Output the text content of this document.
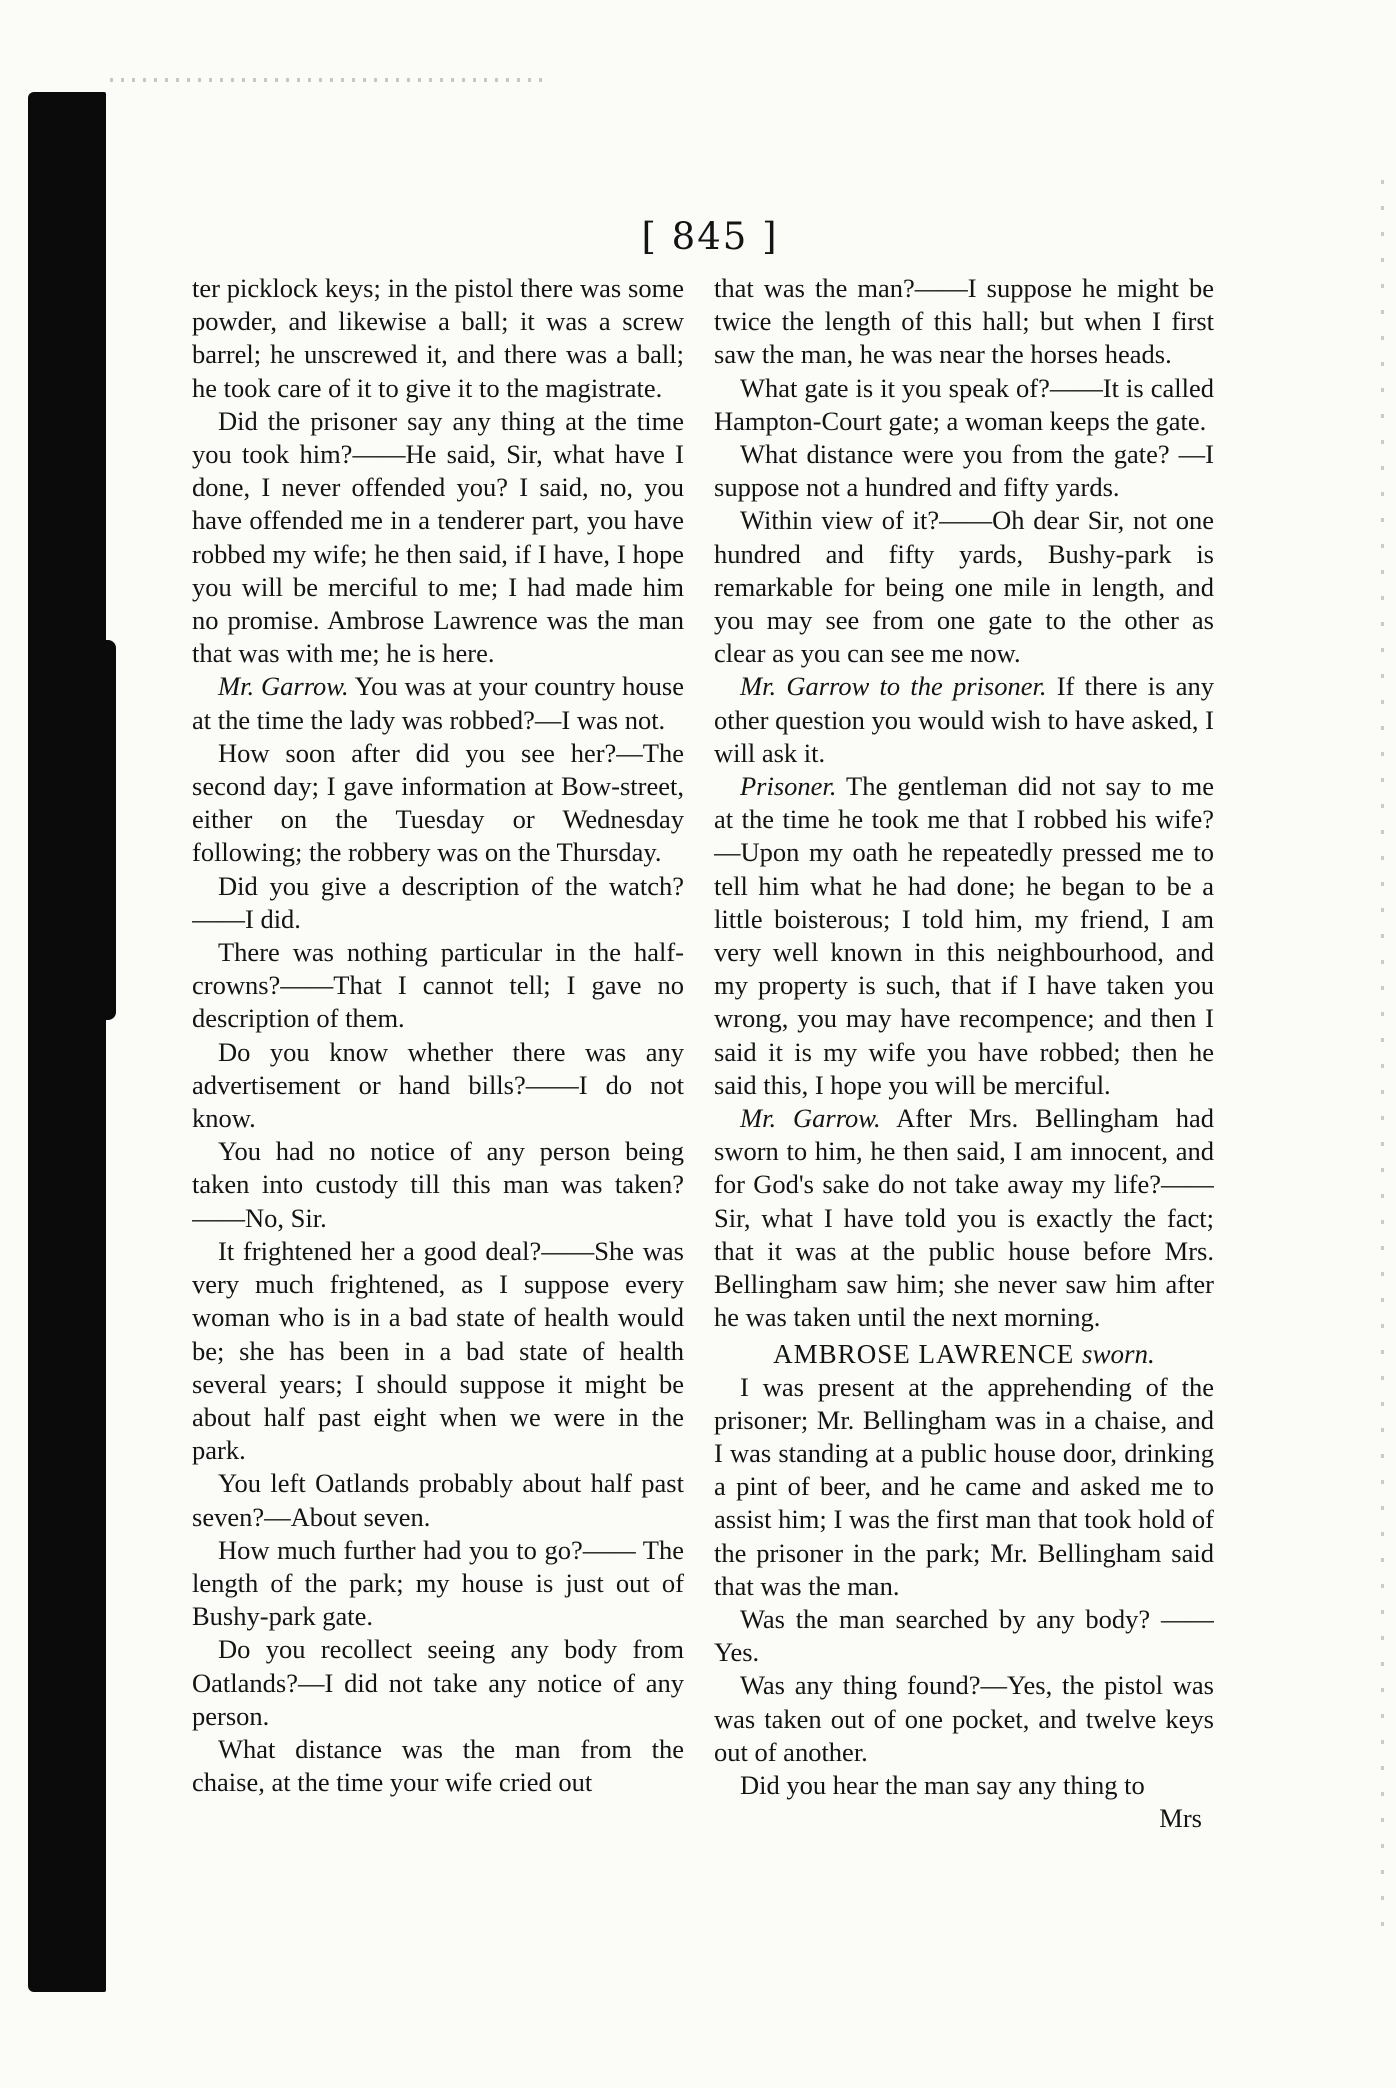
[ 845 ]

ter picklock keys; in the pistol there was some powder, and likewise a ball; it was a screw barrel; he unscrewed it, and there was a ball; he took care of it to give it to the magistrate.

Did the prisoner say any thing at the time you took him?——He said, Sir, what have I done, I never offended you? I said, no, you have offended me in a tenderer part, you have robbed my wife; he then said, if I have, I hope you will be merciful to me; I had made him no promise. Ambrose Lawrence was the man that was with me; he is here.

Mr. Garrow. You was at your country house at the time the lady was robbed?—I was not.

How soon after did you see her?—The second day; I gave information at Bow-street, either on the Tuesday or Wednesday following; the robbery was on the Thursday.

Did you give a description of the watch? ——I did.

There was nothing particular in the half-crowns?——That I cannot tell; I gave no description of them.

Do you know whether there was any advertisement or hand bills?——I do not know.

You had no notice of any person being taken into custody till this man was taken? ——No, Sir.

It frightened her a good deal?——She was very much frightened, as I suppose every woman who is in a bad state of health would be; she has been in a bad state of health several years; I should suppose it might be about half past eight when we were in the park.

You left Oatlands probably about half past seven?—About seven.

How much further had you to go?—— The length of the park; my house is just out of Bushy-park gate.

Do you recollect seeing any body from Oatlands?—I did not take any notice of any person.

What distance was the man from the chaise, at the time your wife cried out

that was the man?——I suppose he might be twice the length of this hall; but when I first saw the man, he was near the horses heads.

What gate is it you speak of?——It is called Hampton-Court gate; a woman keeps the gate.

What distance were you from the gate? —I suppose not a hundred and fifty yards.

Within view of it?——Oh dear Sir, not one hundred and fifty yards, Bushy-park is remarkable for being one mile in length, and you may see from one gate to the other as clear as you can see me now.

Mr. Garrow to the prisoner. If there is any other question you would wish to have asked, I will ask it.

Prisoner. The gentleman did not say to me at the time he took me that I robbed his wife?—Upon my oath he repeatedly pressed me to tell him what he had done; he began to be a little boisterous; I told him, my friend, I am very well known in this neighbourhood, and my property is such, that if I have taken you wrong, you may have recompence; and then I said it is my wife you have robbed; then he said this, I hope you will be merciful.

Mr. Garrow. After Mrs. Bellingham had sworn to him, he then said, I am innocent, and for God's sake do not take away my life?——Sir, what I have told you is exactly the fact; that it was at the public house before Mrs. Bellingham saw him; she never saw him after he was taken until the next morning.

AMBROSE LAWRENCE sworn.

I was present at the apprehending of the prisoner; Mr. Bellingham was in a chaise, and I was standing at a public house door, drinking a pint of beer, and he came and asked me to assist him; I was the first man that took hold of the prisoner in the park; Mr. Bellingham said that was the man.

Was the man searched by any body? ——Yes.

Was any thing found?—Yes, the pistol was was taken out of one pocket, and twelve keys out of another.

Did you hear the man say any thing to

Mrs
